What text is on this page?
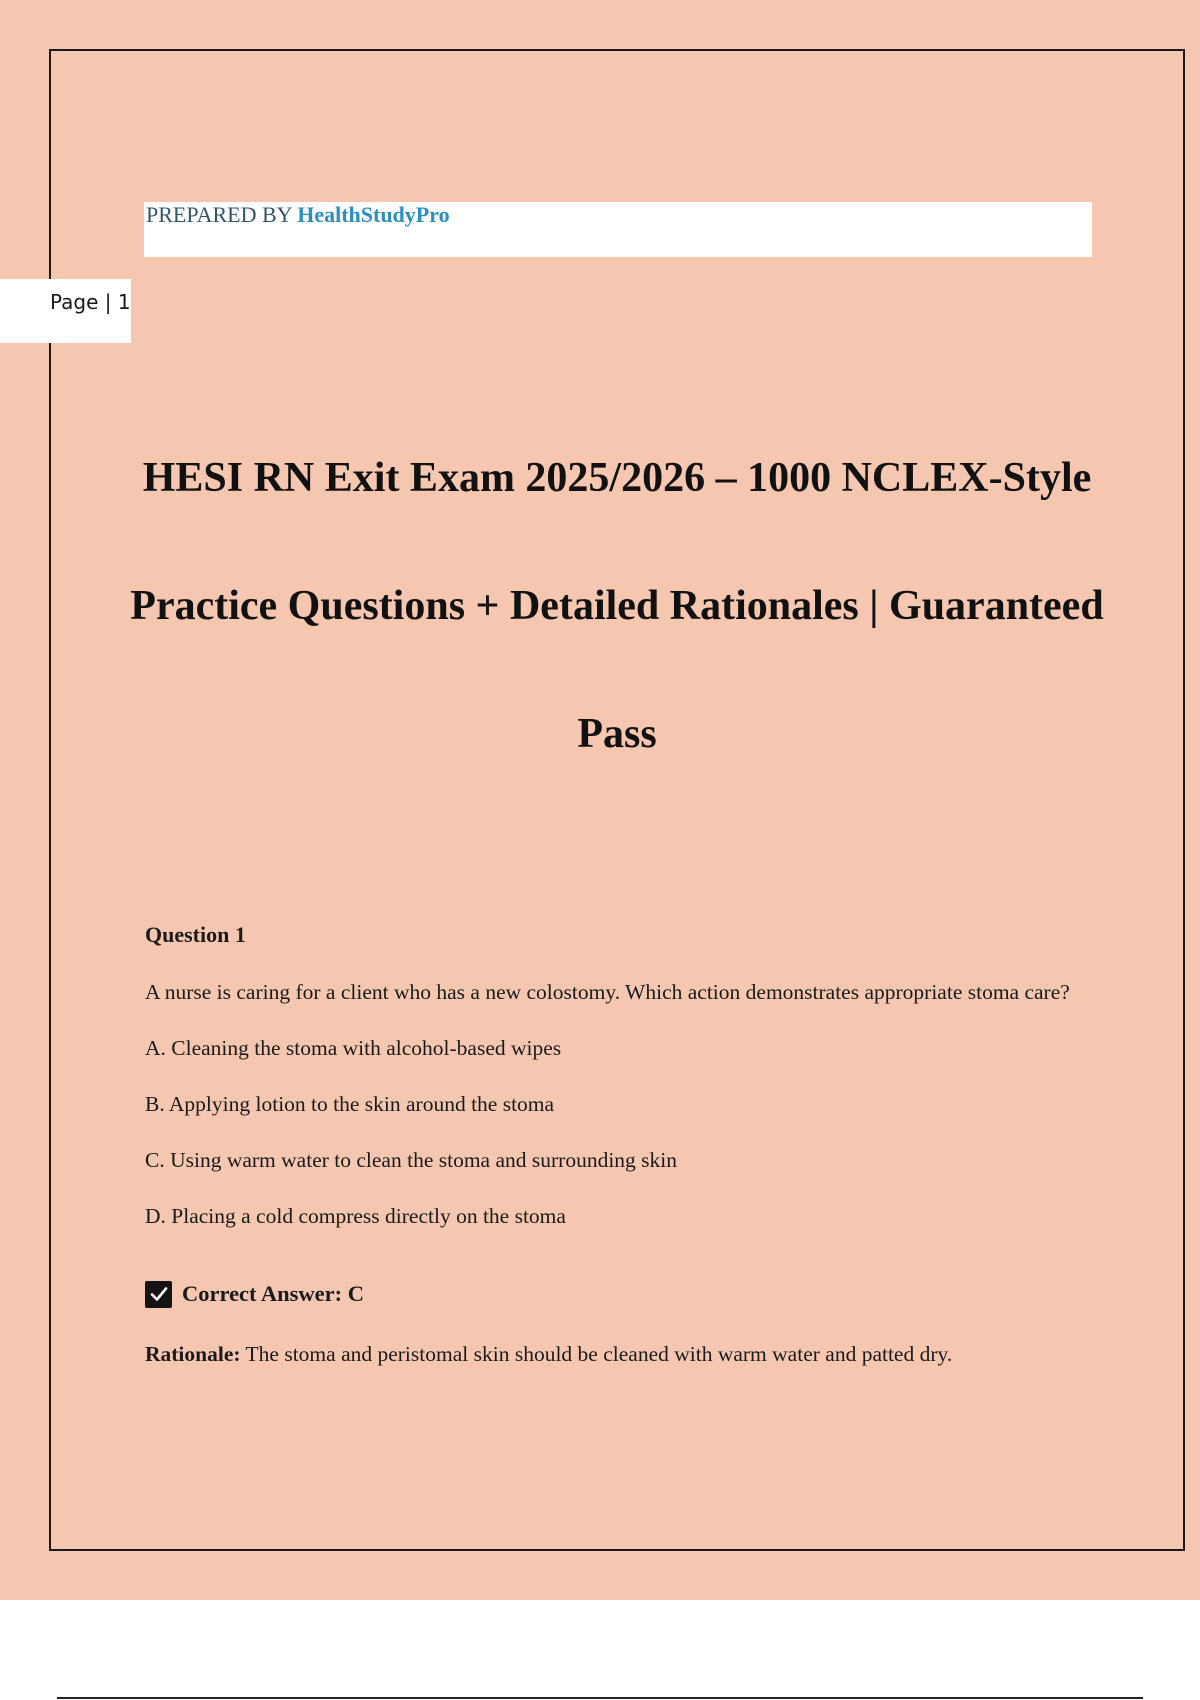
PREPARED BY HealthStudyPro
Page | 1
HESI RN Exit Exam 2025/2026 – 1000 NCLEX-Style Practice Questions + Detailed Rationales | Guaranteed Pass
Question 1
A nurse is caring for a client who has a new colostomy. Which action demonstrates appropriate stoma care?
A. Cleaning the stoma with alcohol-based wipes
B. Applying lotion to the skin around the stoma
C. Using warm water to clean the stoma and surrounding skin
D. Placing a cold compress directly on the stoma
Correct Answer: C
Rationale: The stoma and peristomal skin should be cleaned with warm water and patted dry.
